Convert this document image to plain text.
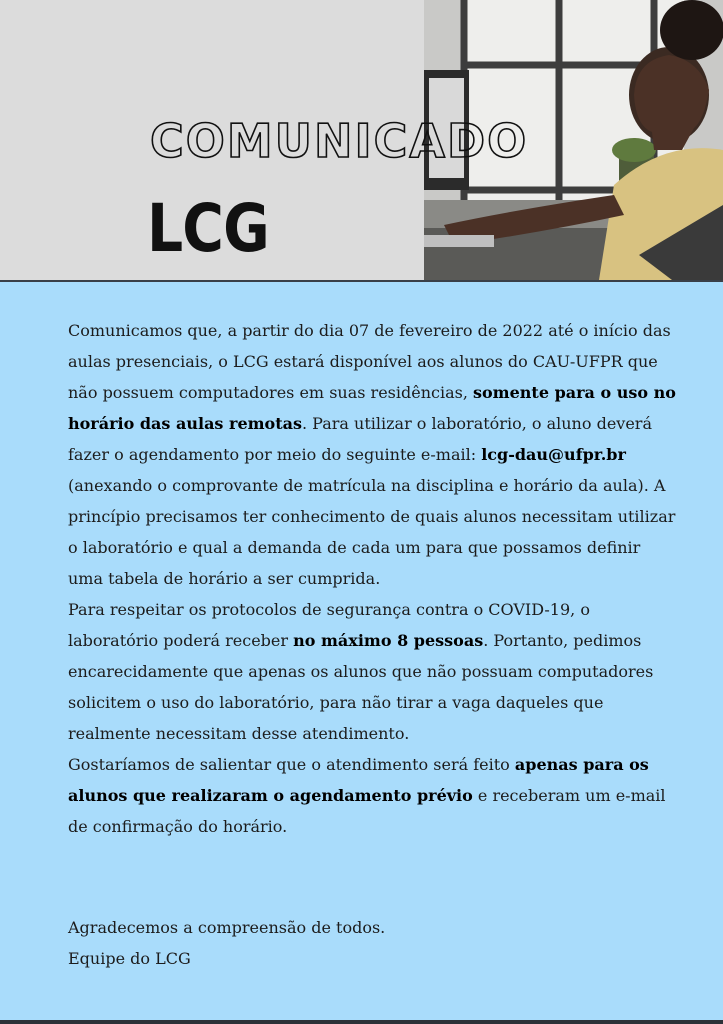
COMUNICADO
LCG

Comunicamos que, a partir do dia 07 de fevereiro de 2022 até o início das aulas presenciais, o LCG estará disponível aos alunos do CAU-UFPR que não possuem computadores em suas residências, somente para o uso no horário das aulas remotas. Para utilizar o laboratório, o aluno deverá fazer o agendamento por meio do seguinte e-mail: lcg-dau@ufpr.br (anexando o comprovante de matrícula na disciplina e horário da aula). A princípio precisamos ter conhecimento de quais alunos necessitam utilizar o laboratório e qual a demanda de cada um para que possamos definir uma tabela de horário a ser cumprida.

Para respeitar os protocolos de segurança contra o COVID-19, o laboratório poderá receber no máximo 8 pessoas. Portanto, pedimos encarecidamente que apenas os alunos que não possuam computadores solicitem o uso do laboratório, para não tirar a vaga daqueles que realmente necessitam desse atendimento.

Gostaríamos de salientar que o atendimento será feito apenas para os alunos que realizaram o agendamento prévio e receberam um e-mail de confirmação do horário.

Agradecemos a compreensão de todos.

Equipe do LCG
